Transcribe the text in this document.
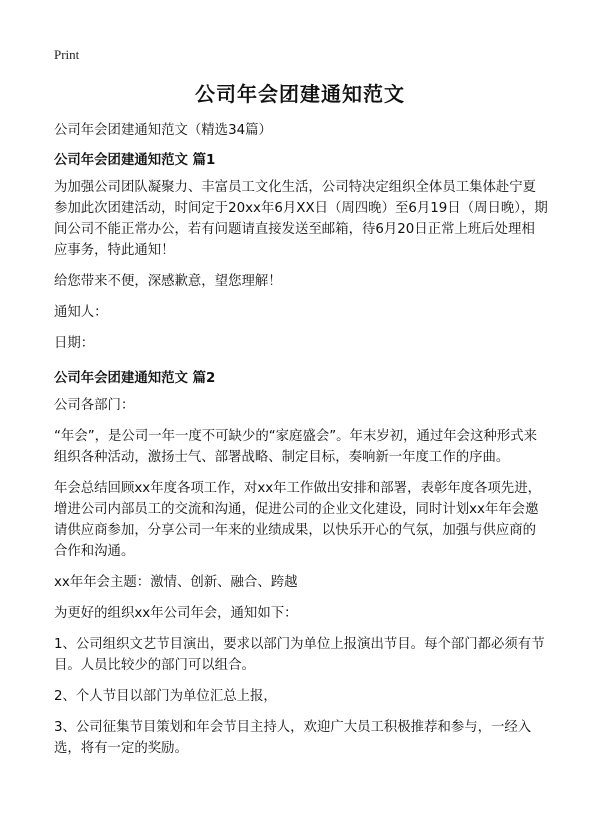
Print
公司年会团建通知范文

公司年会团建通知范文（精选34篇）

公司年会团建通知范文 篇1

为加强公司团队凝聚力、丰富员工文化生活，公司特决定组织全体员工集体赴宁夏参加此次团建活动，时间定于20xx年6月XX日（周四晚）至6月19日（周日晚），期间公司不能正常办公，若有问题请直接发送至邮箱，待6月20日正常上班后处理相应事务，特此通知！

给您带来不便，深感歉意，望您理解！

通知人：

日期：

公司年会团建通知范文 篇2

公司各部门：

“年会”，是公司一年一度不可缺少的“家庭盛会”。年末岁初，通过年会这种形式来组织各种活动，激扬士气、部署战略、制定目标，奏响新一年度工作的序曲。

年会总结回顾xx年度各项工作，对xx年工作做出安排和部署，表彰年度各项先进，增进公司内部员工的交流和沟通，促进公司的企业文化建设，同时计划xx年年会邀请供应商参加，分享公司一年来的业绩成果，以快乐开心的气氛，加强与供应商的合作和沟通。

xx年年会主题：激情、创新、融合、跨越

为更好的组织xx年公司年会，通知如下：

1、公司组织文艺节目演出，要求以部门为单位上报演出节目。每个部门都必须有节目。人员比较少的部门可以组合。

2、个人节目以部门为单位汇总上报，

3、公司征集节目策划和年会节目主持人，欢迎广大员工积极推荐和参与，一经入选，将有一定的奖励。
